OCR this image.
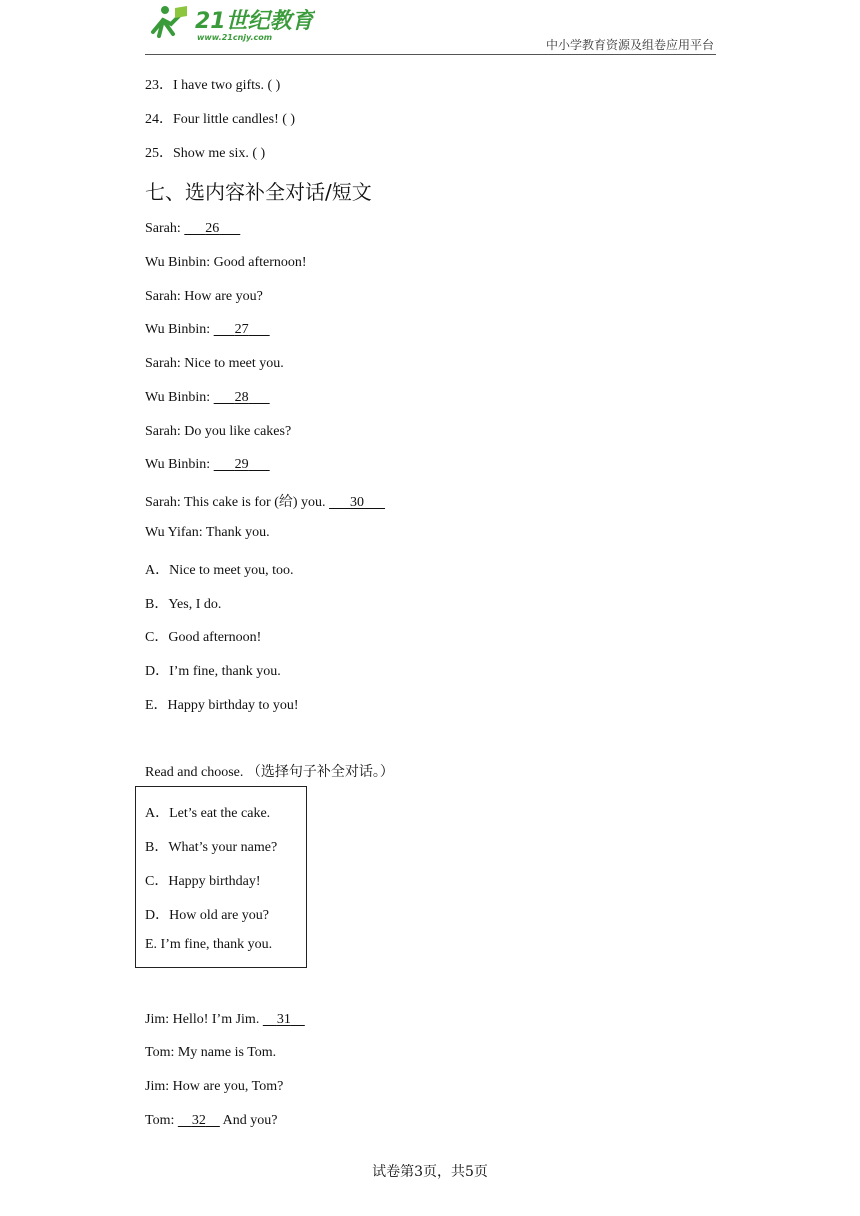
21世纪教育
www.21cnjy.com
中小学教育资源及组卷应用平台
23．I have two gifts. ( )
24．Four little candles! ( )
25．Show me six. ( )
七、选内容补全对话/短文
Sarah: 26
Wu Binbin: Good afternoon!
Sarah: How are you?
Wu Binbin: 27
Sarah: Nice to meet you.
Wu Binbin: 28
Sarah: Do you like cakes?
Wu Binbin: 29
Sarah: This cake is for (给) you. 30
Wu Yifan: Thank you.
A．Nice to meet you, too.
B．Yes, I do.
C．Good afternoon!
D．I’m fine, thank you.
E．Happy birthday to you!
Read and choose. （选择句子补全对话。）
A．Let’s eat the cake.
B．What’s your name?
C．Happy birthday!
D．How old are you?
E. I’m fine, thank you.
Jim: Hello! I’m Jim. 31
Tom: My name is Tom.
Jim: How are you, Tom?
Tom: 32 And you?
试卷第3页，共5页
